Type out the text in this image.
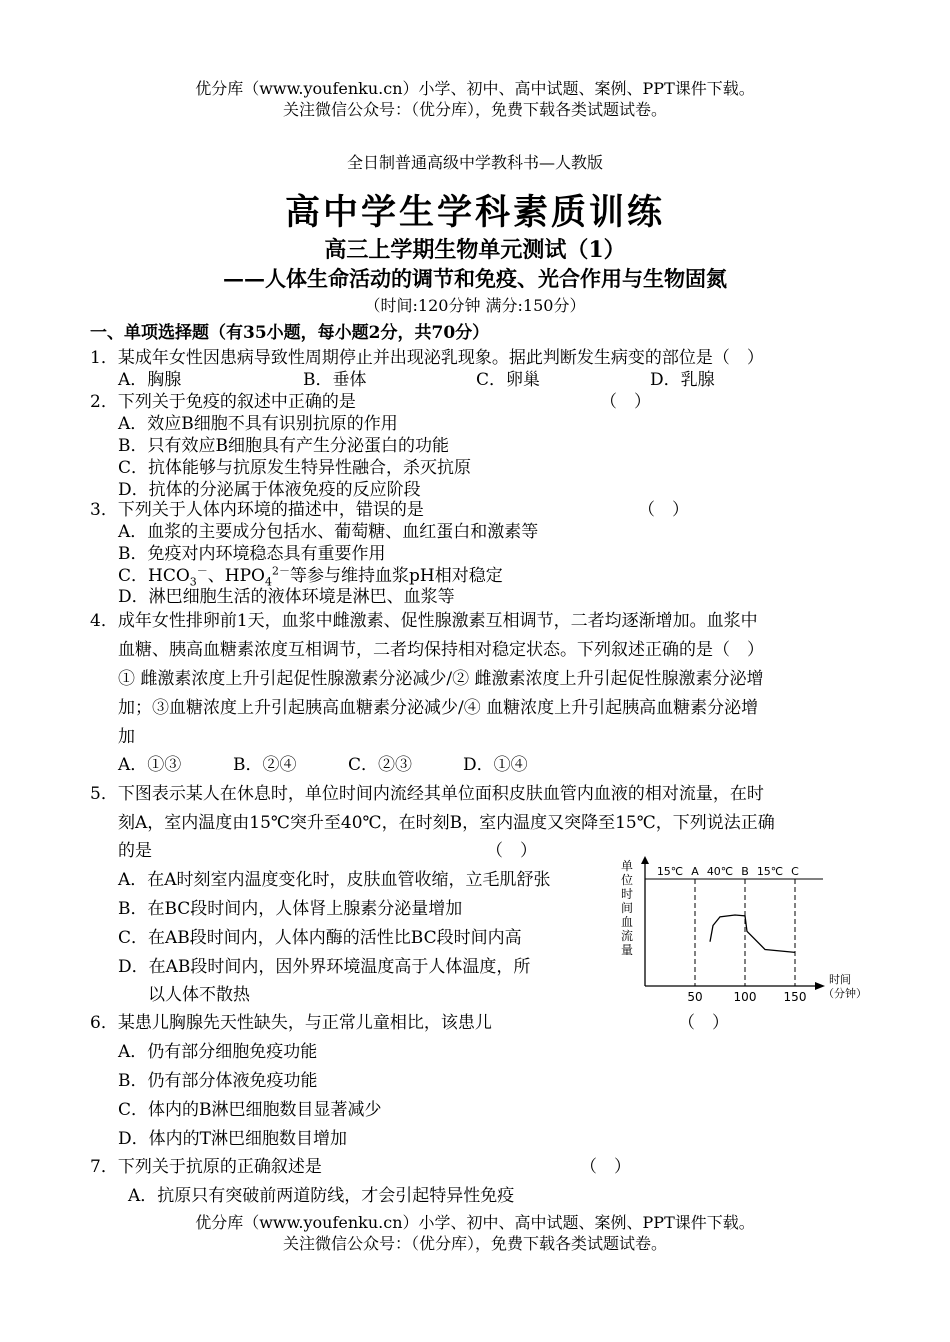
优分库（www.youfenku.cn）小学、初中、高中试题、案例、PPT课件下载。
关注微信公众号：（优分库），免费下载各类试题试卷。
全日制普通高级中学教科书—人教版
高中学生学科素质训练
高三上学期生物单元测试（1）
——人体生命活动的调节和免疫、光合作用与生物固氮
（时间:120分钟 满分:150分）
一、单项选择题（有35小题，每小题2分，共70分）
1．某成年女性因患病导致性周期停止并出现泌乳现象。据此判断发生病变的部位是（　）
A．胸腺	B．垂体	C．卵巢	D．乳腺
2．下列关于免疫的叙述中正确的是	（　）
A．效应B细胞不具有识别抗原的作用
B．只有效应B细胞具有产生分泌蛋白的功能
C．抗体能够与抗原发生特异性融合，杀灭抗原
D．抗体的分泌属于体液免疫的反应阶段
3．下列关于人体内环境的描述中，错误的是	（　）
A．血浆的主要成分包括水、葡萄糖、血红蛋白和激素等
B．免疫对内环境稳态具有重要作用
C．$HCO_3^-$、$HPO_4^{2-}$等参与维持血浆pH相对稳定
D．淋巴细胞生活的液体环境是淋巴、血浆等
4．成年女性排卵前1天，血浆中雌激素、促性腺激素互相调节，二者均逐渐增加。血浆中
血糖、胰高血糖素浓度互相调节，二者均保持相对稳定状态。下列叙述正确的是（　）
① 雌激素浓度上升引起促性腺激素分泌减少/② 雌激素浓度上升引起促性腺激素分泌增
加；③血糖浓度上升引起胰高血糖素分泌减少/④ 血糖浓度上升引起胰高血糖素分泌增
加
A．①③	B．②④	C．②③	D．①④
5．下图表示某人在休息时，单位时间内流经其单位面积皮肤血管内血液的相对流量，在时
刻A，室内温度由15℃突升至40℃，在时刻B，室内温度又突降至15℃，下列说法正确
的是	（　）
A．在A时刻室内温度变化时，皮肤血管收缩，立毛肌舒张
B．在BC段时间内，人体肾上腺素分泌量增加
C．在AB段时间内，人体内酶的活性比BC段时间内高
D．在AB段时间内，因外界环境温度高于人体温度，所
以人体不散热
单
位
时
间
血
流
量
15℃ A 40℃ B 15℃ C
50	100 150
时间
（分钟）
6．某患儿胸腺先天性缺失，与正常儿童相比，该患儿	（　）
A．仍有部分细胞免疫功能
B．仍有部分体液免疫功能
C．体内的B淋巴细胞数目显著减少
D．体内的T淋巴细胞数目增加
7．下列关于抗原的正确叙述是	（　）
A．抗原只有突破前两道防线，才会引起特异性免疫
优分库（www.youfenku.cn）小学、初中、高中试题、案例、PPT课件下载。
关注微信公众号：（优分库），免费下载各类试题试卷。
